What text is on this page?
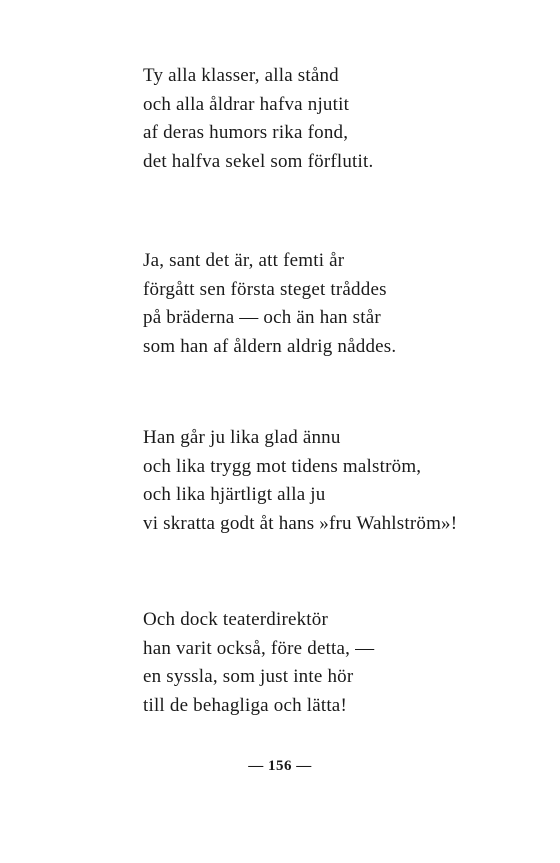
Ty alla klasser, alla stånd
och alla åldrar hafva njutit
af deras humors rika fond,
det halfva sekel som förflutit.
Ja, sant det är, att femti år
förgått sen första steget tråddes
på bräderna — och än han står
som han af åldern aldrig nåddes.
Han går ju lika glad ännu
och lika trygg mot tidens malström,
och lika hjärtligt alla ju
vi skratta godt åt hans »fru Wahlström»!
Och dock teaterdirektör
han varit också, före detta, —
en syssla, som just inte hör
till de behagliga och lätta!
— 156 —
